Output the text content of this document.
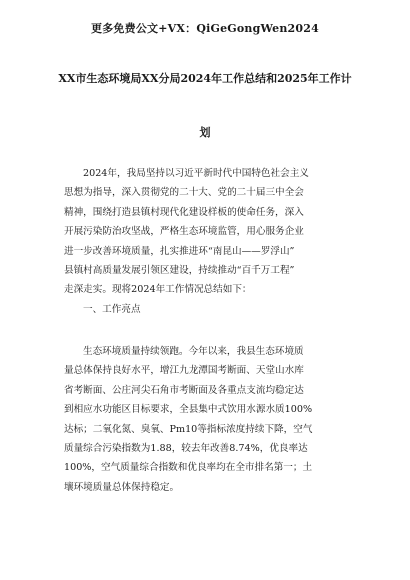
更多免费公文+VX：QiGeGongWen2024
XX市生态环境局XX分局2024年工作总结和2025年工作计
划
2024年，我局坚持以习近平新时代中国特色社会主义
思想为指导，深入贯彻党的二十大、党的二十届三中全会
精神，围绕打造县镇村现代化建设样板的使命任务，深入
开展污染防治攻坚战，严格生态环境监管，用心服务企业
进一步改善环境质量，扎实推进环“南昆山——罗浮山”
县镇村高质量发展引领区建设，持续推动“百千万工程”
走深走实。现将2024年工作情况总结如下：
一、工作亮点
生态环境质量持续领跑。今年以来，我县生态环境质
量总体保持良好水平，增江九龙潭国考断面、天堂山水库
省考断面、公庄河尖石角市考断面及各重点支流均稳定达
到相应水功能区目标要求，全县集中式饮用水源水质100%
达标；二氧化氮、臭氧、Pm10等指标浓度持续下降，空气
质量综合污染指数为1.88，较去年改善8.74%，优良率达
100%，空气质量综合指数和优良率均在全市排名第一；土
壤环境质量总体保持稳定。
